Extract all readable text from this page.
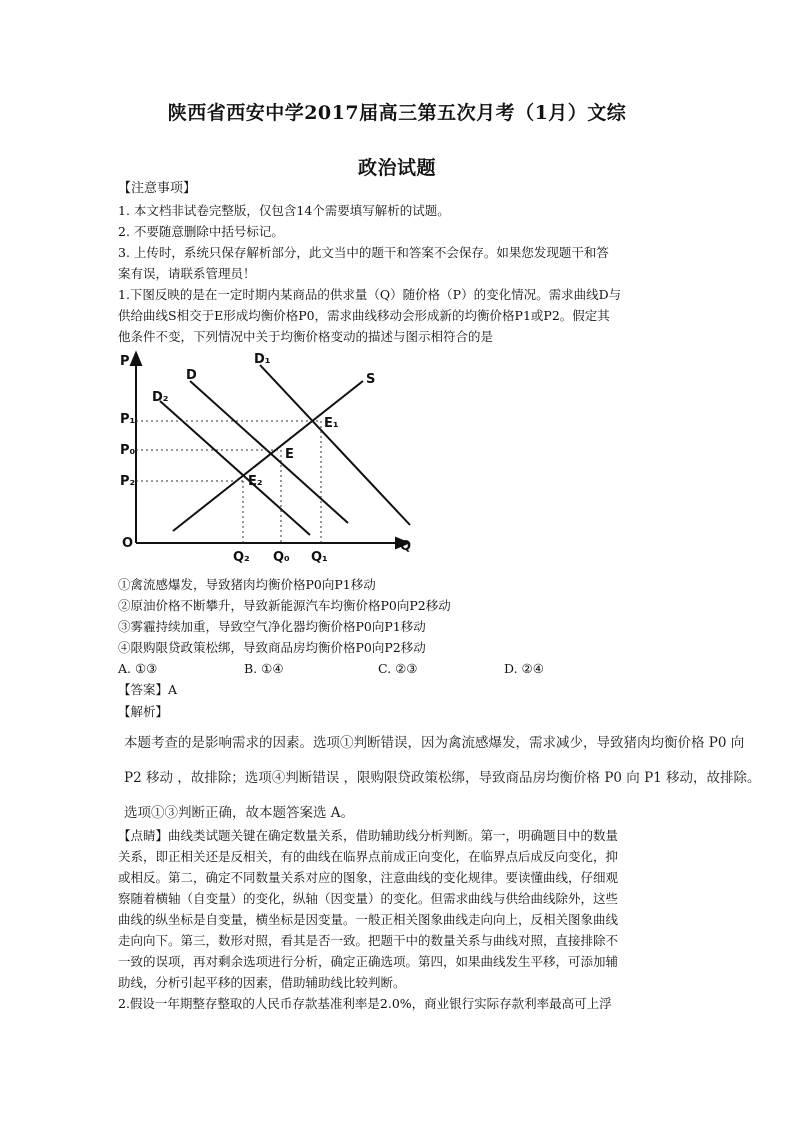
陕西省西安中学2017届高三第五次月考（1月）文综
政治试题
【注意事项】
1. 本文档非试卷完整版，仅包含14个需要填写解析的试题。
2. 不要随意删除中括号标记。
3. 上传时，系统只保存解析部分，此文当中的题干和答案不会保存。如果您发现题干和答
案有误，请联系管理员！
1.下图反映的是在一定时期内某商品的供求量（Q）随价格（P）的变化情况。需求曲线D与
供给曲线S相交于E形成均衡价格P0，需求曲线移动会形成新的均衡价格P1或P2。假定其
他条件不变，下列情况中关于均衡价格变动的描述与图示相符合的是
P
Q
O
P₁
P₀
P₂
Q₂ Q₀ Q₁
D
D₁
D₂
S
E
E₁
E₂
①禽流感爆发，导致猪肉均衡价格P0向P1移动
②原油价格不断攀升，导致新能源汽车均衡价格P0向P2移动
③雾霾持续加重，导致空气净化器均衡价格P0向P1移动
④限购限贷政策松绑，导致商品房均衡价格P0向P2移动
A. ①③	B. ①④	C. ②③	D. ②④
【答案】A
【解析】
本题考查的是影响需求的因素。选项①判断错误，因为禽流感爆发，需求减少，导致猪肉均衡价格 P0 向
P2 移动 ，故排除；选项④判断错误 ，限购限贷政策松绑，导致商品房均衡价格 P0 向 P1 移动，故排除。
选项①③判断正确，故本题答案选 A。
【点睛】曲线类试题关键在确定数量关系，借助辅助线分析判断。第一，明确题目中的数量
关系，即正相关还是反相关，有的曲线在临界点前成正向变化，在临界点后成反向变化，抑
或相反。第二，确定不同数量关系对应的图象，注意曲线的变化规律。要读懂曲线，仔细观
察随着横轴（自变量）的变化，纵轴（因变量）的变化。但需求曲线与供给曲线除外，这些
曲线的纵坐标是自变量，横坐标是因变量。一般正相关图象曲线走向向上，反相关图象曲线
走向向下。第三，数形对照，看其是否一致。把题干中的数量关系与曲线对照，直接排除不
一致的误项，再对剩余选项进行分析，确定正确选项。第四，如果曲线发生平移，可添加辅
助线，分析引起平移的因素，借助辅助线比较判断。
2.假设一年期整存整取的人民币存款基准利率是2.0%，商业银行实际存款利率最高可上浮
